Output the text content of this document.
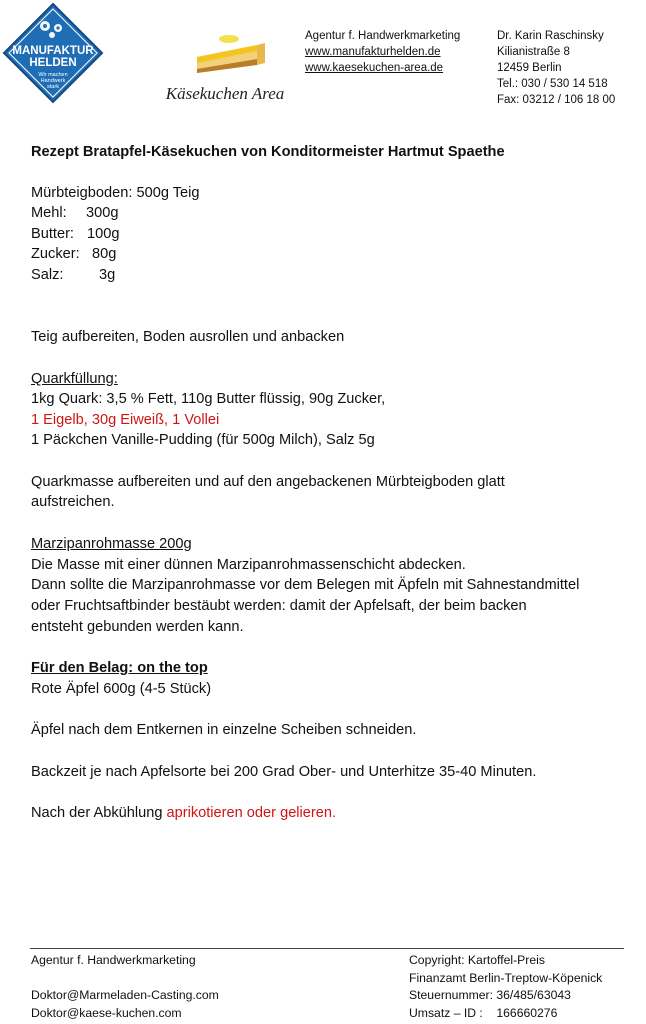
MANUFAKTUR
HELDEN
Wir machen
Handwerk
stark	Käsekuchen Area
Agentur f. Handwerkmarketing
www.manufakturhelden.de
www.kaesekuchen-area.de
Dr. Karin Raschinsky
Kilianistraße 8
12459 Berlin
Tel.: 030 / 530 14 518
Fax: 03212 / 106 18 00
Rezept Bratapfel-Käsekuchen von Konditormeister Hartmut Spaethe
Mürbteigboden: 500g Teig
Mehl: 300g
Butter: 100g
Zucker: 80g
Salz: 3g
Teig aufbereiten, Boden ausrollen und anbacken
Quarkfüllung:
1kg Quark: 3,5 % Fett, 110g Butter flüssig, 90g Zucker,
1 Eigelb, 30g Eiweiß, 1 Vollei
1 Päckchen Vanille-Pudding (für 500g Milch), Salz 5g
Quarkmasse aufbereiten und auf den angebackenen Mürbteigboden glatt
aufstreichen.
Marzipanrohmasse 200g
Die Masse mit einer dünnen Marzipanrohmassenschicht abdecken.
Dann sollte die Marzipanrohmasse vor dem Belegen mit Äpfeln mit Sahnestandmittel
oder Fruchtsaftbinder bestäubt werden: damit der Apfelsaft, der beim backen
entsteht gebunden werden kann.
Für den Belag: on the top
Rote Äpfel 600g (4-5 Stück)
Äpfel nach dem Entkernen in einzelne Scheiben schneiden.
Backzeit je nach Apfelsorte bei 200 Grad Ober- und Unterhitze 35-40 Minuten.
Nach der Abkühlung aprikotieren oder gelieren.
Agentur f. Handwerkmarketing
Doktor@Marmeladen-Casting.com
Doktor@kaese-kuchen.com
Copyright: Kartoffel-Preis
Finanzamt Berlin-Treptow-Köpenick
Steuernummer: 36/485/63043
Umsatz – ID :    166660276
